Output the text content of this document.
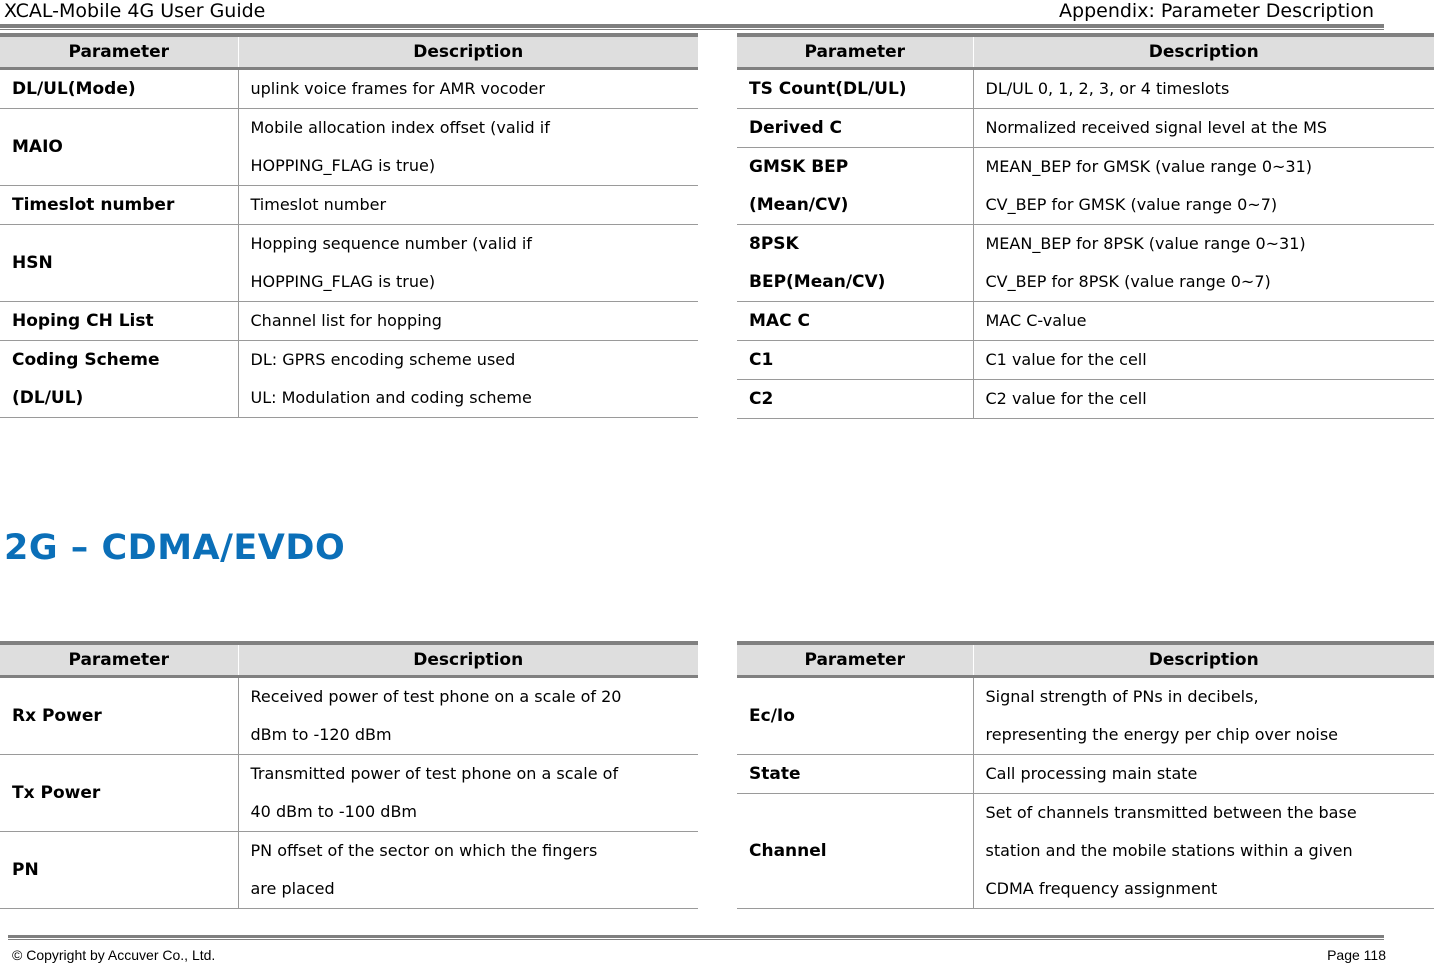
XCAL-Mobile 4G User Guide	Appendix: Parameter Description
Parameter	Description

DL/UL(Mode)	uplink voice frames for AMR vocoder

MAIO	Mobile allocation index offset (valid if
HOPPING_FLAG is true)

Timeslot number	Timeslot number

HSN	Hopping sequence number (valid if
HOPPING_FLAG is true)

Hoping CH List	Channel list for hopping

Coding Scheme
(DL/UL)	DL: GPRS encoding scheme used
UL: Modulation and coding scheme
Parameter	Description

TS Count(DL/UL)	DL/UL 0, 1, 2, 3, or 4 timeslots

Derived C	Normalized received signal level at the MS

GMSK BEP
(Mean/CV)	MEAN_BEP for GMSK (value range 0~31)
CV_BEP for GMSK (value range 0~7)

8PSK
BEP(Mean/CV)	MEAN_BEP for 8PSK (value range 0~31)
CV_BEP for 8PSK (value range 0~7)

MAC C	MAC C-value

C1	C1 value for the cell

C2	C2 value for the cell
2G – CDMA/EVDO
Parameter	Description

Rx Power	Received power of test phone on a scale of 20
dBm to -120 dBm

Tx Power	Transmitted power of test phone on a scale of
40 dBm to -100 dBm

PN	PN offset of the sector on which the fingers
are placed
Parameter	Description

Ec/Io	Signal strength of PNs in decibels,
representing the energy per chip over noise

State	Call processing main state

Channel	Set of channels transmitted between the base
station and the mobile stations within a given
CDMA frequency assignment
© Copyright by Accuver Co., Ltd.	Page 118
